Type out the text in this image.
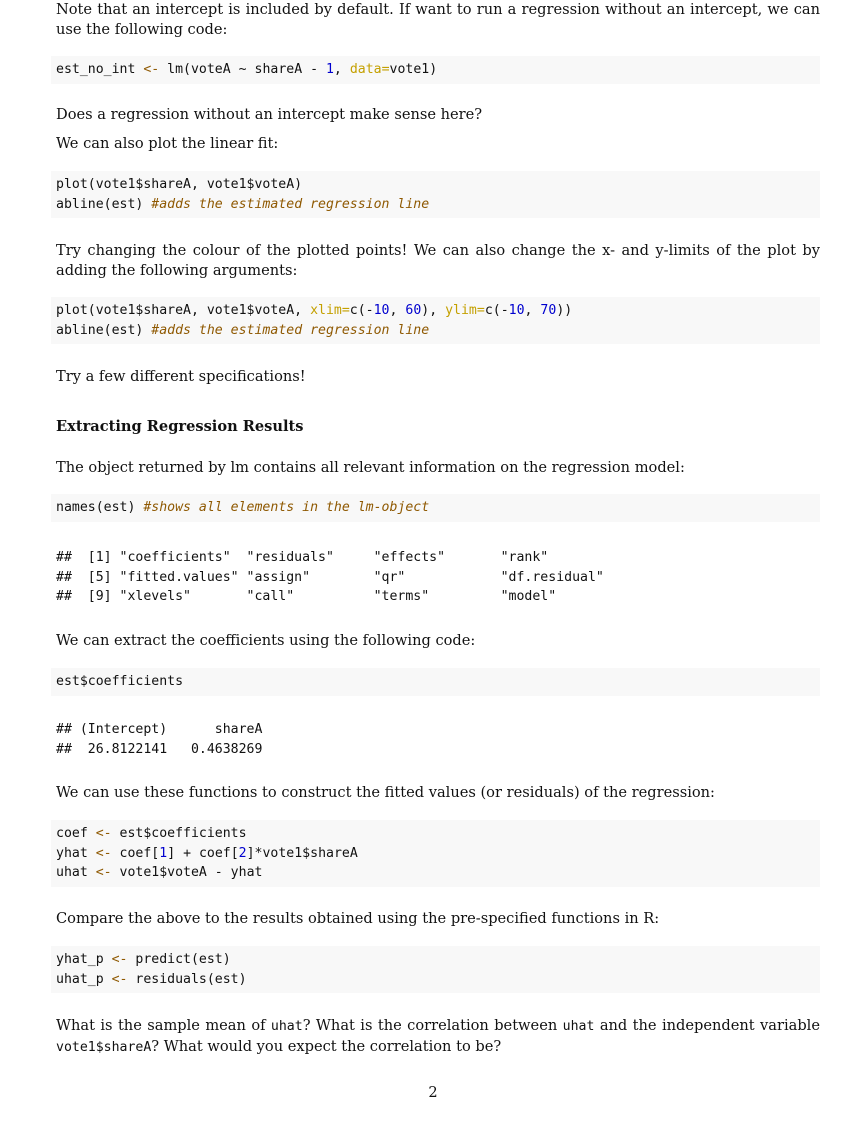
Note that an intercept is included by default. If want to run a regression without an intercept, we can use the following code:

est_no_int <- lm(voteA ~ shareA - 1, data=vote1)

Does a regression without an intercept make sense here?

We can also plot the linear fit:

plot(vote1$shareA, vote1$voteA)
abline(est) #adds the estimated regression line

Try changing the colour of the plotted points! We can also change the x- and y-limits of the plot by adding the following arguments:

plot(vote1$shareA, vote1$voteA, xlim=c(-10, 60), ylim=c(-10, 70))
abline(est) #adds the estimated regression line

Try a few different specifications!

Extracting Regression Results

The object returned by lm contains all relevant information on the regression model:

names(est) #shows all elements in the lm-object
##  [1] "coefficients"  "residuals"     "effects"       "rank"
##  [5] "fitted.values" "assign"        "qr"            "df.residual"
##  [9] "xlevels"       "call"          "terms"         "model"

We can extract the coefficients using the following code:

est$coefficients
## (Intercept)      shareA
##  26.8122141   0.4638269

We can use these functions to construct the fitted values (or residuals) of the regression:

coef <- est$coefficients
yhat <- coef[1] + coef[2]*vote1$shareA
uhat <- vote1$voteA - yhat

Compare the above to the results obtained using the pre-specified functions in R:

yhat_p <- predict(est)
uhat_p <- residuals(est)

What is the sample mean of uhat? What is the correlation between uhat and the independent variable vote1$shareA? What would you expect the correlation to be?

2
